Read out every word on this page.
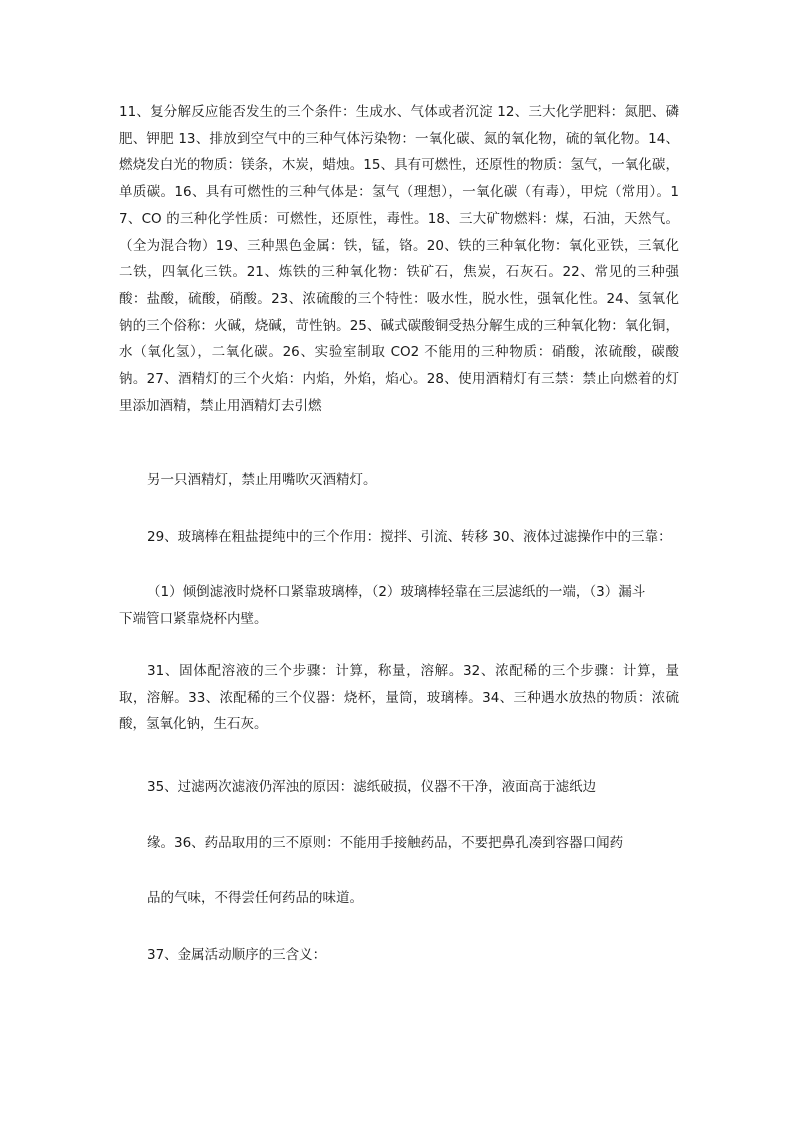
11、复分解反应能否发生的三个条件：生成水、气体或者沉淀 12、三大化学肥料：氮肥、磷肥、钾肥 13、排放到空气中的三种气体污染物：一氧化碳、氮的氧化物，硫的氧化物。14、燃烧发白光的物质：镁条，木炭，蜡烛。15、具有可燃性，还原性的物质：氢气，一氧化碳，单质碳。16、具有可燃性的三种气体是：氢气（理想），一氧化碳（有毒），甲烷（常用）。17、CO 的三种化学性质：可燃性，还原性，毒性。18、三大矿物燃料：煤，石油，天然气。（全为混合物）19、三种黑色金属：铁，锰，铬。20、铁的三种氧化物：氧化亚铁，三氧化二铁，四氧化三铁。21、炼铁的三种氧化物：铁矿石，焦炭，石灰石。22、常见的三种强酸：盐酸，硫酸，硝酸。23、浓硫酸的三个特性：吸水性，脱水性，强氧化性。24、氢氧化钠的三个俗称：火碱，烧碱，苛性钠。25、碱式碳酸铜受热分解生成的三种氧化物：氧化铜，水（氧化氢），二氧化碳。26、实验室制取 CO2 不能用的三种物质：硝酸，浓硫酸，碳酸钠。27、酒精灯的三个火焰：内焰，外焰，焰心。28、使用酒精灯有三禁：禁止向燃着的灯里添加酒精，禁止用酒精灯去引燃
另一只酒精灯，禁止用嘴吹灭酒精灯。
29、玻璃棒在粗盐提纯中的三个作用：搅拌、引流、转移 30、液体过滤操作中的三靠：
（1）倾倒滤液时烧杯口紧靠玻璃棒，（2）玻璃棒轻靠在三层滤纸的一端，（3）漏斗
下端管口紧靠烧杯内壁。
31、固体配溶液的三个步骤：计算，称量，溶解。32、浓配稀的三个步骤：计算，量取，溶解。33、浓配稀的三个仪器：烧杯，量筒，玻璃棒。34、三种遇水放热的物质：浓硫酸，氢氧化钠，生石灰。
35、过滤两次滤液仍浑浊的原因：滤纸破损，仪器不干净，液面高于滤纸边
缘。36、药品取用的三不原则：不能用手接触药品，不要把鼻孔凑到容器口闻药
品的气味，不得尝任何药品的味道。
37、金属活动顺序的三含义：
